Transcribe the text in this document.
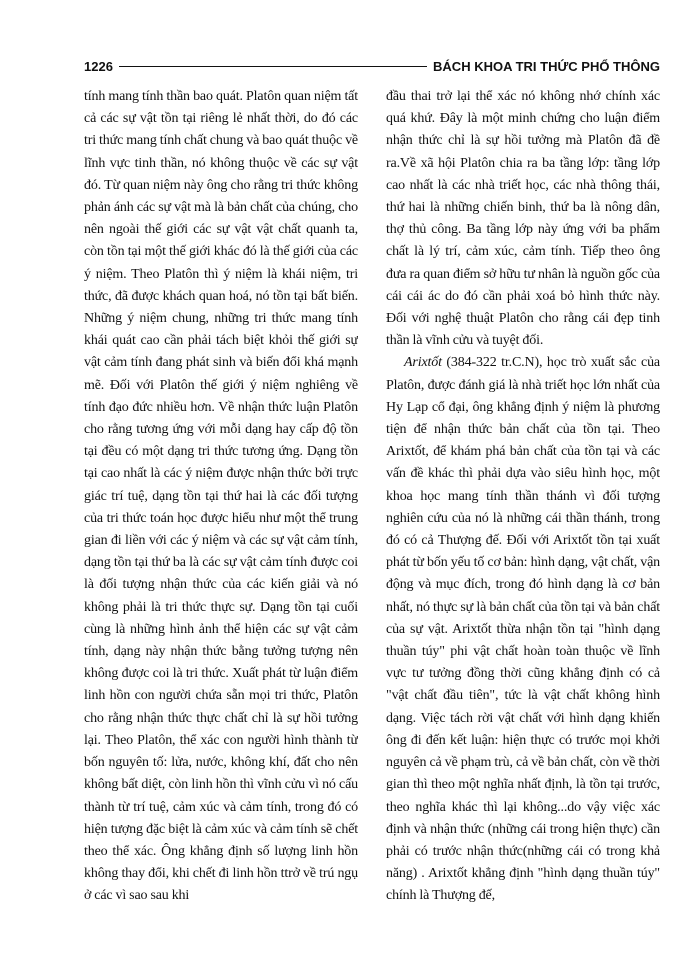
1226	BÁCH KHOA TRI THỨC PHỔ THÔNG

tính mang tính thần bao quát. Platôn quan niệm tất cả các sự vật tồn tại riêng lẻ nhất thời, do đó các tri thức mang tính chất chung và bao quát thuộc về lĩnh vực tinh thần, nó không thuộc về các sự vật đó. Từ quan niệm này ông cho rằng tri thức không phản ánh các sự vật mà là bản chất của chúng, cho nên ngoài thế giới các sự vật vật chất quanh ta, còn tồn tại một thế giới khác đó là thế giới của các ý niệm. Theo Platôn thì ý niệm là khái niệm, tri thức, đã được khách quan hoá, nó tồn tại bất biến. Những ý niệm chung, những tri thức mang tính khái quát cao cần phải tách biệt khỏi thế giới sự vật cảm tính đang phát sinh và biến đổi khá mạnh mẽ. Đối với Platôn thế giới ý niệm nghiêng về tính đạo đức nhiều hơn. Về nhận thức luận Platôn cho rằng tương ứng với mỗi dạng hay cấp độ tồn tại đều có một dạng tri thức tương ứng. Dạng tồn tại cao nhất là các ý niệm được nhận thức bởi trực giác trí tuệ, dạng tồn tại thứ hai là các đối tượng của tri thức toán học được hiểu như một thể trung gian đi liền với các ý niệm và các sự vật cảm tính, dạng tồn tại thứ ba là các sự vật cảm tính được coi là đối tượng nhận thức của các kiến giải và nó không phải là tri thức thực sự. Dạng tồn tại cuối cùng là những hình ảnh thể hiện các sự vật cảm tính, dạng này nhận thức bằng tưởng tượng nên không được coi là tri thức. Xuất phát từ luận điểm linh hồn con người chứa sẵn mọi tri thức, Platôn cho rằng nhận thức thực chất chỉ là sự hồi tưởng lại. Theo Platôn, thể xác con người hình thành từ bốn nguyên tố: lửa, nước, không khí, đất cho nên không bất diệt, còn linh hồn thì vĩnh cửu vì nó cấu thành từ trí tuệ, cảm xúc và cảm tính, trong đó có hiện tượng đặc biệt là cảm xúc và cảm tính sẽ chết theo thể xác. Ông khẳng định số lượng linh hồn không thay đổi, khi chết đi linh hồn ttrở về trú ngụ ở các vì sao sau khi

đầu thai trở lại thể xác nó không nhớ chính xác quá khứ. Đây là một minh chứng cho luận điểm nhận thức chỉ là sự hồi tưởng mà Platôn đã đề ra.Về xã hội Platôn chia ra ba tầng lớp: tầng lớp cao nhất là các nhà triết học, các nhà thông thái, thứ hai là những chiến binh, thứ ba là nông dân, thợ thủ công. Ba tầng lớp này ứng với ba phẩm chất là lý trí, cảm xúc, cảm tính. Tiếp theo ông đưa ra quan điểm sở hữu tư nhân là nguồn gốc của cái cái ác do đó cần phải xoá bỏ hình thức này. Đối với nghệ thuật Platôn cho rằng cái đẹp tinh thần là vĩnh cửu và tuyệt đối.

Arixtốt (384-322 tr.C.N), học trò xuất sắc của Platôn, được đánh giá là nhà triết học lớn nhất của Hy Lạp cổ đại, ông khẳng định ý niệm là phương tiện để nhận thức bản chất của tồn tại. Theo Arixtốt, để khám phá bản chất của tồn tại và các vấn đề khác thì phải dựa vào siêu hình học, một khoa học mang tính thần thánh vì đối tượng nghiên cứu của nó là những cái thần thánh, trong đó có cả Thượng đế. Đối với Arixtốt tồn tại xuất phát từ bốn yếu tố cơ bản: hình dạng, vật chất, vận động và mục đích, trong đó hình dạng là cơ bản nhất, nó thực sự là bản chất của tồn tại và bản chất của sự vật. Arixtốt thừa nhận tồn tại "hình dạng thuần túy" phi vật chất hoàn toàn thuộc về lĩnh vực tư tưởng đồng thời cũng khẳng định có cả "vật chất đầu tiên", tức là vật chất không hình dạng. Việc tách rời vật chất với hình dạng khiến ông đi đến kết luận: hiện thực có trước mọi khởi nguyên cả về phạm trù, cả về bản chất, còn về thời gian thì theo một nghĩa nhất định, là tồn tại trước, theo nghĩa khác thì lại không...do vậy việc xác định và nhận thức (những cái trong hiện thực) cần phải có trước nhận thức(những cái có trong khả năng) . Arixtốt khẳng định "hình dạng thuần túy" chính là Thượng đế,
